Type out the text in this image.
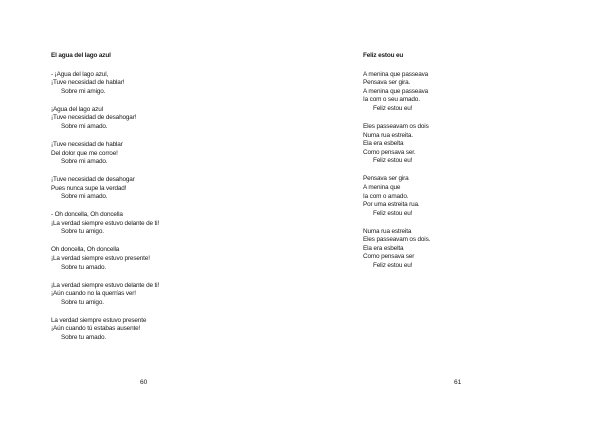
El agua del lago azul
- ¡Agua del lago azul,
¡Tuve necesidad de hablar!
Sobre mi amigo.
¡Agua del lago azul
¡Tuve necesidad de desahogar!
Sobre mi amado.
¡Tuve necesidad de hablar
Del dolor que me corroe!
Sobre mi amado.
¡Tuve necesidad de desahogar
Pues nunca supe la verdad!
Sobre mi amado.
- Oh doncella, Oh doncella
¡La verdad siempre estuvo delante de ti!
Sobre tu amigo.
Oh doncella, Oh doncella
¡La verdad siempre estuvo presente!
Sobre tu amado.
¡La verdad siempre estuvo delante de ti!
¡Aún cuando no la querrías ver!
Sobre tu amigo.
La verdad siempre estuvo presente
¡Aún cuando tú estabas ausente!
Sobre tu amado.
60
Feliz estou eu
A menina que passeava
Pensava ser gira.
A menina que passeava
Ia com o seu amado.
Feliz estou eu!
Eles passeavam os dois
Numa rua estreita.
Ela era esbelta
Como pensava ser.
Feliz estou eu!
Pensava ser gira
A menina que
Ia com o amado.
Por uma estreita rua.
Feliz estou eu!
Numa rua estreita
Eles passeavam os dois.
Ela era esbelta
Como pensava ser
Feliz estou eu!
61
